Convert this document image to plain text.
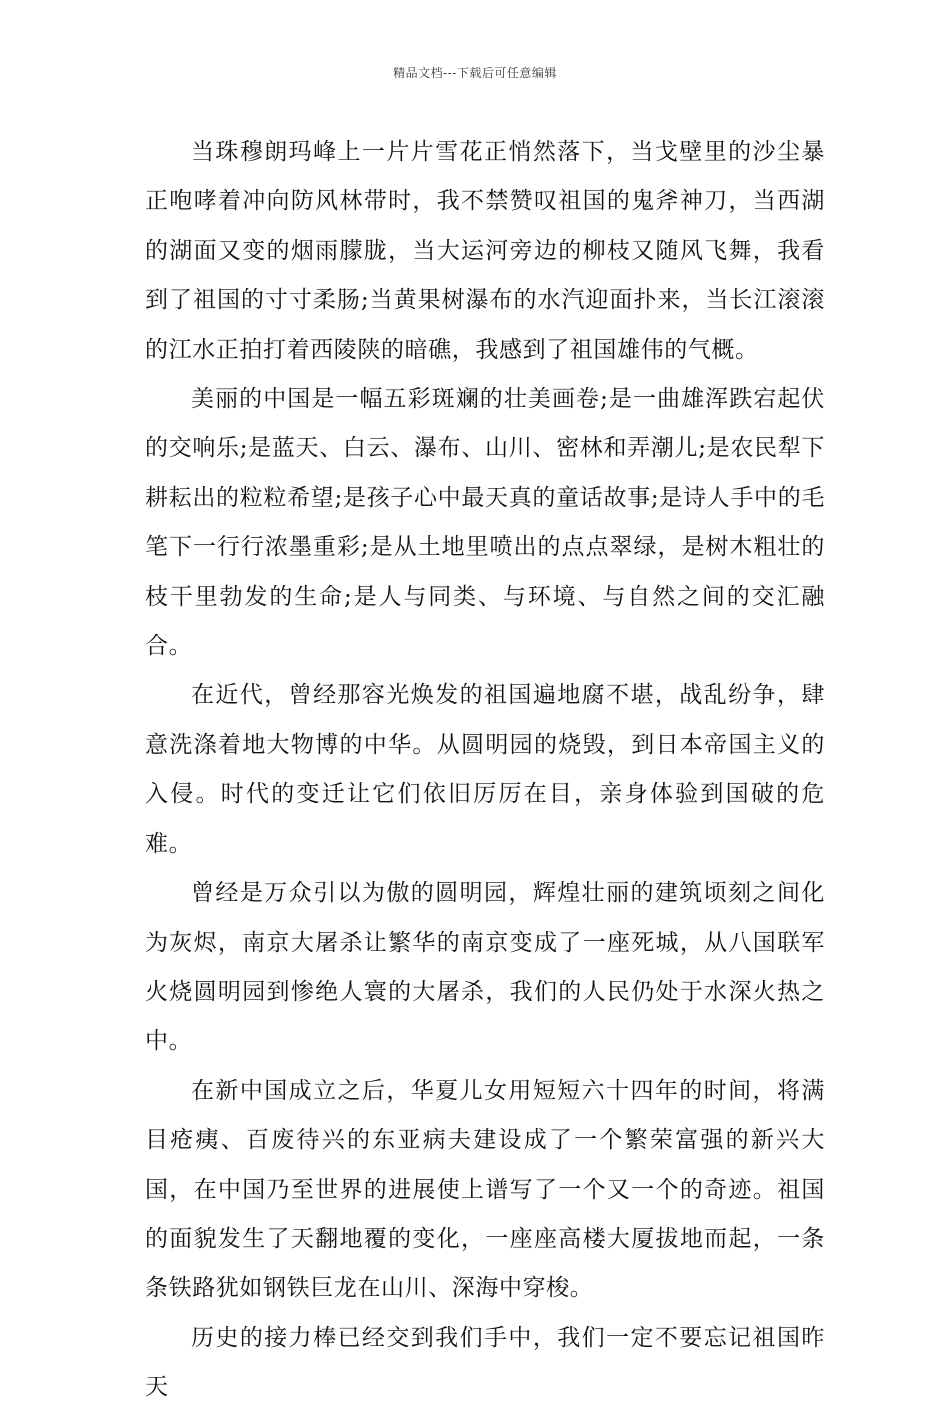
精品文档---下载后可任意编辑

当珠穆朗玛峰上一片片雪花正悄然落下，当戈壁里的沙尘暴正咆哮着冲向防风林带时，我不禁赞叹祖国的鬼斧神刀，当西湖的湖面又变的烟雨朦胧，当大运河旁边的柳枝又随风飞舞，我看到了祖国的寸寸柔肠;当黄果树瀑布的水汽迎面扑来，当长江滚滚的江水正拍打着西陵陕的暗礁，我感到了祖国雄伟的气概。

美丽的中国是一幅五彩斑斓的壮美画卷;是一曲雄浑跌宕起伏的交响乐;是蓝天、白云、瀑布、山川、密林和弄潮儿;是农民犁下耕耘出的粒粒希望;是孩子心中最天真的童话故事;是诗人手中的毛笔下一行行浓墨重彩;是从土地里喷出的点点翠绿，是树木粗壮的枝干里勃发的生命;是人与同类、与环境、与自然之间的交汇融合。

在近代，曾经那容光焕发的祖国遍地腐不堪，战乱纷争，肆意洗涤着地大物博的中华。从圆明园的烧毁，到日本帝国主义的入侵。时代的变迁让它们依旧厉厉在目，亲身体验到国破的危难。

曾经是万众引以为傲的圆明园，辉煌壮丽的建筑顷刻之间化为灰烬，南京大屠杀让繁华的南京变成了一座死城，从八国联军火烧圆明园到惨绝人寰的大屠杀，我们的人民仍处于水深火热之中。

在新中国成立之后，华夏儿女用短短六十四年的时间，将满目疮痍、百废待兴的东亚病夫建设成了一个繁荣富强的新兴大国，在中国乃至世界的进展使上谱写了一个又一个的奇迹。祖国的面貌发生了天翻地覆的变化，一座座高楼大厦拔地而起，一条条铁路犹如钢铁巨龙在山川、深海中穿梭。

历史的接力棒已经交到我们手中，我们一定不要忘记祖国昨天
